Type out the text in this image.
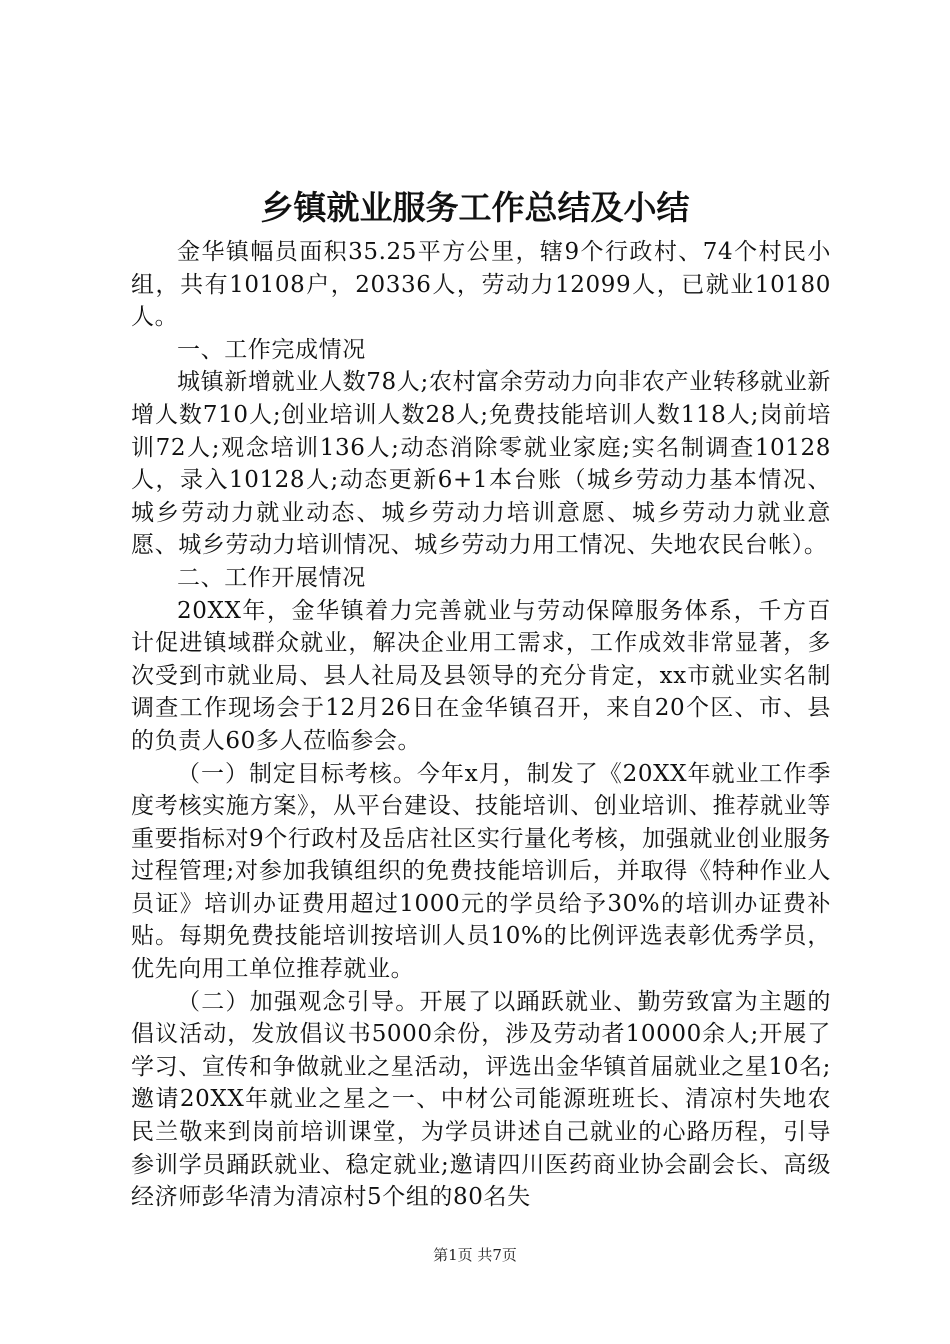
乡镇就业服务工作总结及小结

金华镇幅员面积35.25平方公里，辖9个行政村、74个村民小组，共有10108户，20336人，劳动力12099人，已就业10180人。

一、工作完成情况

城镇新增就业人数78人;农村富余劳动力向非农产业转移就业新增人数710人;创业培训人数28人;免费技能培训人数118人;岗前培训72人;观念培训136人;动态消除零就业家庭;实名制调查10128人，录入10128人;动态更新6+1本台账（城乡劳动力基本情况、城乡劳动力就业动态、城乡劳动力培训意愿、城乡劳动力就业意愿、城乡劳动力培训情况、城乡劳动力用工情况、失地农民台帐）。

二、工作开展情况

20XX年，金华镇着力完善就业与劳动保障服务体系，千方百计促进镇域群众就业，解决企业用工需求，工作成效非常显著，多次受到市就业局、县人社局及县领导的充分肯定，xx市就业实名制调查工作现场会于12月26日在金华镇召开，来自20个区、市、县的负责人60多人莅临参会。

（一）制定目标考核。今年x月，制发了《20XX年就业工作季度考核实施方案》，从平台建设、技能培训、创业培训、推荐就业等重要指标对9个行政村及岳店社区实行量化考核，加强就业创业服务过程管理;对参加我镇组织的免费技能培训后，并取得《特种作业人员证》培训办证费用超过1000元的学员给予30%的培训办证费补贴。每期免费技能培训按培训人员10%的比例评选表彰优秀学员，优先向用工单位推荐就业。

（二）加强观念引导。开展了以踊跃就业、勤劳致富为主题的倡议活动，发放倡议书5000余份，涉及劳动者10000余人;开展了学习、宣传和争做就业之星活动，评选出金华镇首届就业之星10名;邀请20XX年就业之星之一、中材公司能源班班长、清凉村失地农民兰敬来到岗前培训课堂，为学员讲述自己就业的心路历程，引导参训学员踊跃就业、稳定就业;邀请四川医药商业协会副会长、高级经济师彭华清为清凉村5个组的80名失

第1页 共7页
